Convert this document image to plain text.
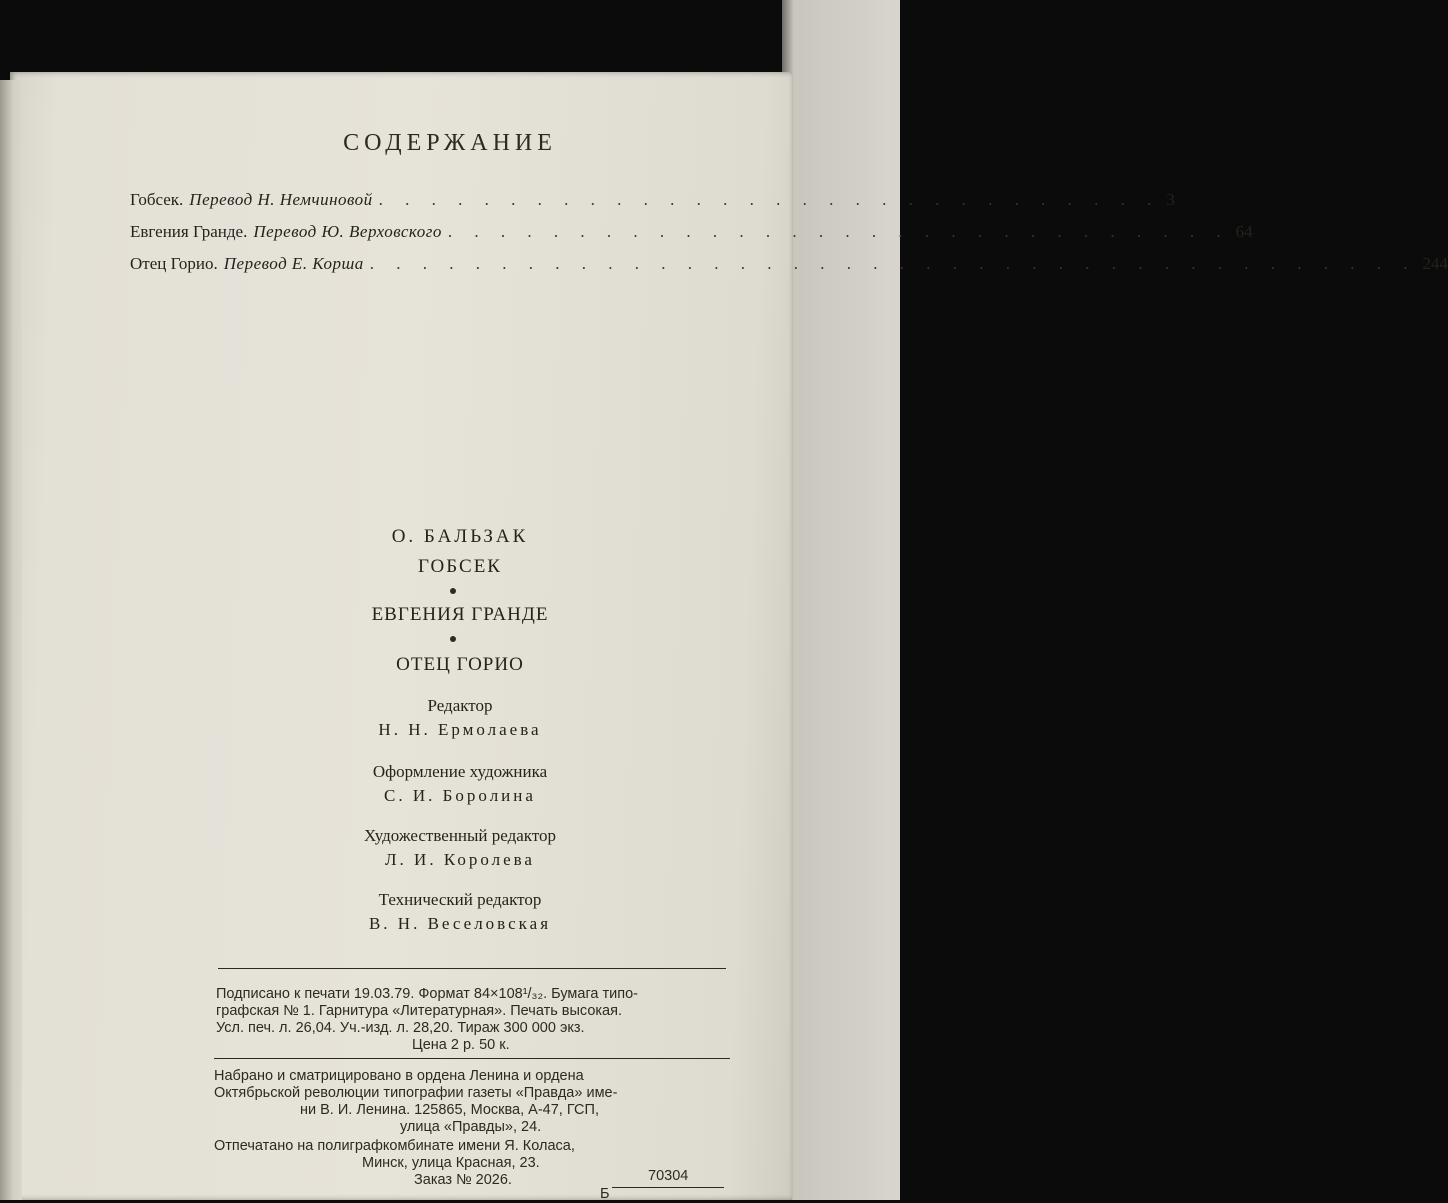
СОДЕРЖАНИЕ
Гобсек. Перевод Н. Немчиновой . . . . . . . . . . . . . . . . . . . . . . . . . . . . . . 3
Евгения Гранде. Перевод Ю. Верховского . . . . . . . . . . . . . . . . . . . . . . . . . . . . . . 64
Отец Горио. Перевод Е. Корша . . . . . . . . . . . . . . . . . . . . . . . . . . . . . . . . . . . . . . . . 244
О. БАЛЬЗАК
ГОБСЕК
ЕВГЕНИЯ ГРАНДЕ
ОТЕЦ ГОРИО
Редактор
Н. Н. Ермолаева
Оформление художника
С. И. Боролина
Художественный редактор
Л. И. Королева
Технический редактор
В. Н. Веселовская
Подписано к печати 19.03.79. Формат 84×108¹/₃₂. Бумага типо-
графская № 1. Гарнитура «Литературная». Печать высокая.
Усл. печ. л. 26,04. Уч.-изд. л. 28,20. Тираж 300 000 экз.
Цена 2 р. 50 к.
Набрано и сматрицировано в ордена Ленина и ордена
Октябрьской революции типографии газеты «Правда» име-
ни В. И. Ленина. 125865, Москва, А-47, ГСП,
улица «Правды», 24.
Отпечатано на полиграфкомбинате имени Я. Коласа,
Минск, улица Красная, 23.
Заказ № 2026.	70304
Б
